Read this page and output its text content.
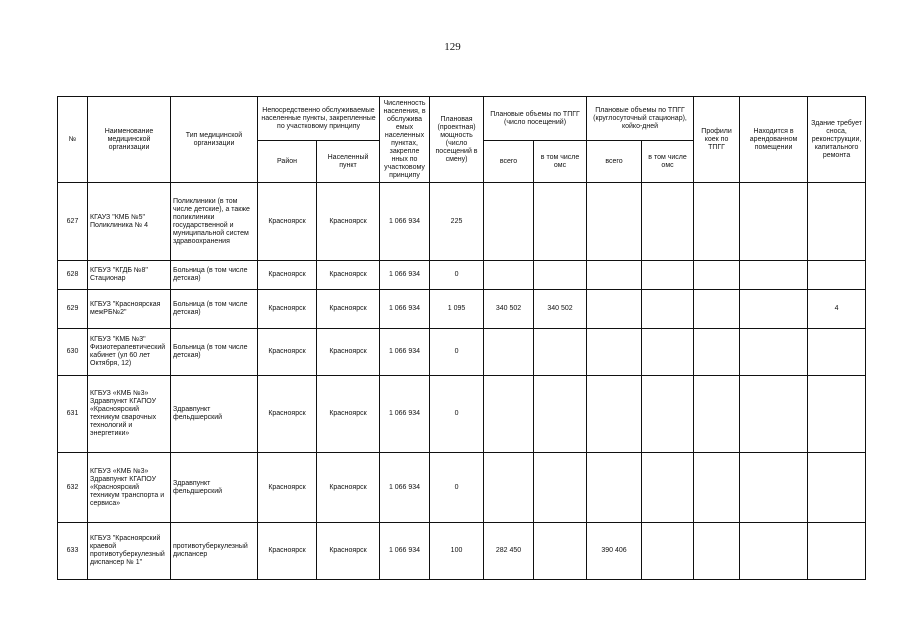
129
№	Наименование медицинской организации	Тип медицинской организации	Непосредственно обслуживаемые населенные пункты, закрепленные по участковому принципу		Численность населения, в обслужива емых населенных пунктах, закрепле нных по участковому принципу	Плановая (проектная) мощность (число посещений в смену)	Плановые объемы по ТПГГ (число посещений)		Плановые объемы по ТПГГ (круглосуточный стационар), койко-дней		Профили коек по ТПГГ	Находится в арендованном помещении	Здание требует сноса, реконструкции, капитального ремонта
			Район	Населенный пункт			всего	в том числе омс	всего	в том числе омс			
627	КГАУЗ "КМБ №5" Поликлиника № 4	Поликлиники (в том числе детские), а также поликлиники государственной и муниципальной систем здравоохранения	Красноярск	Красноярск	1 066 934	225							
628	КГБУЗ "КГДБ №8" Стационар	Больница (в том числе детская)	Красноярск	Красноярск	1 066 934	0							
629	КГБУЗ "Красноярская межРБ№2"	Больница (в том числе детская)	Красноярск	Красноярск	1 066 934	1 095	340 502	340 502					4
630	КГБУЗ "КМБ №3" Физиотерапевтический кабинет (ул 60 лет Октября, 12)	Больница (в том числе детская)	Красноярск	Красноярск	1 066 934	0							
631	КГБУЗ «КМБ №3» Здравпункт КГАПОУ «Красноярский техникум сварочных технологий и энергетики»	Здравпункт фельдшерский	Красноярск	Красноярск	1 066 934	0							
632	КГБУЗ «КМБ №3» Здравпункт КГАПОУ «Красноярский техникум транспорта и сервиса»	Здравпункт фельдшерский	Красноярск	Красноярск	1 066 934	0							
633	КГБУЗ "Красноярский краевой противотуберкулезный диспансер № 1"	противотуберкулезный диспансер	Красноярск	Красноярск	1 066 934	100	282 450		390 406				
